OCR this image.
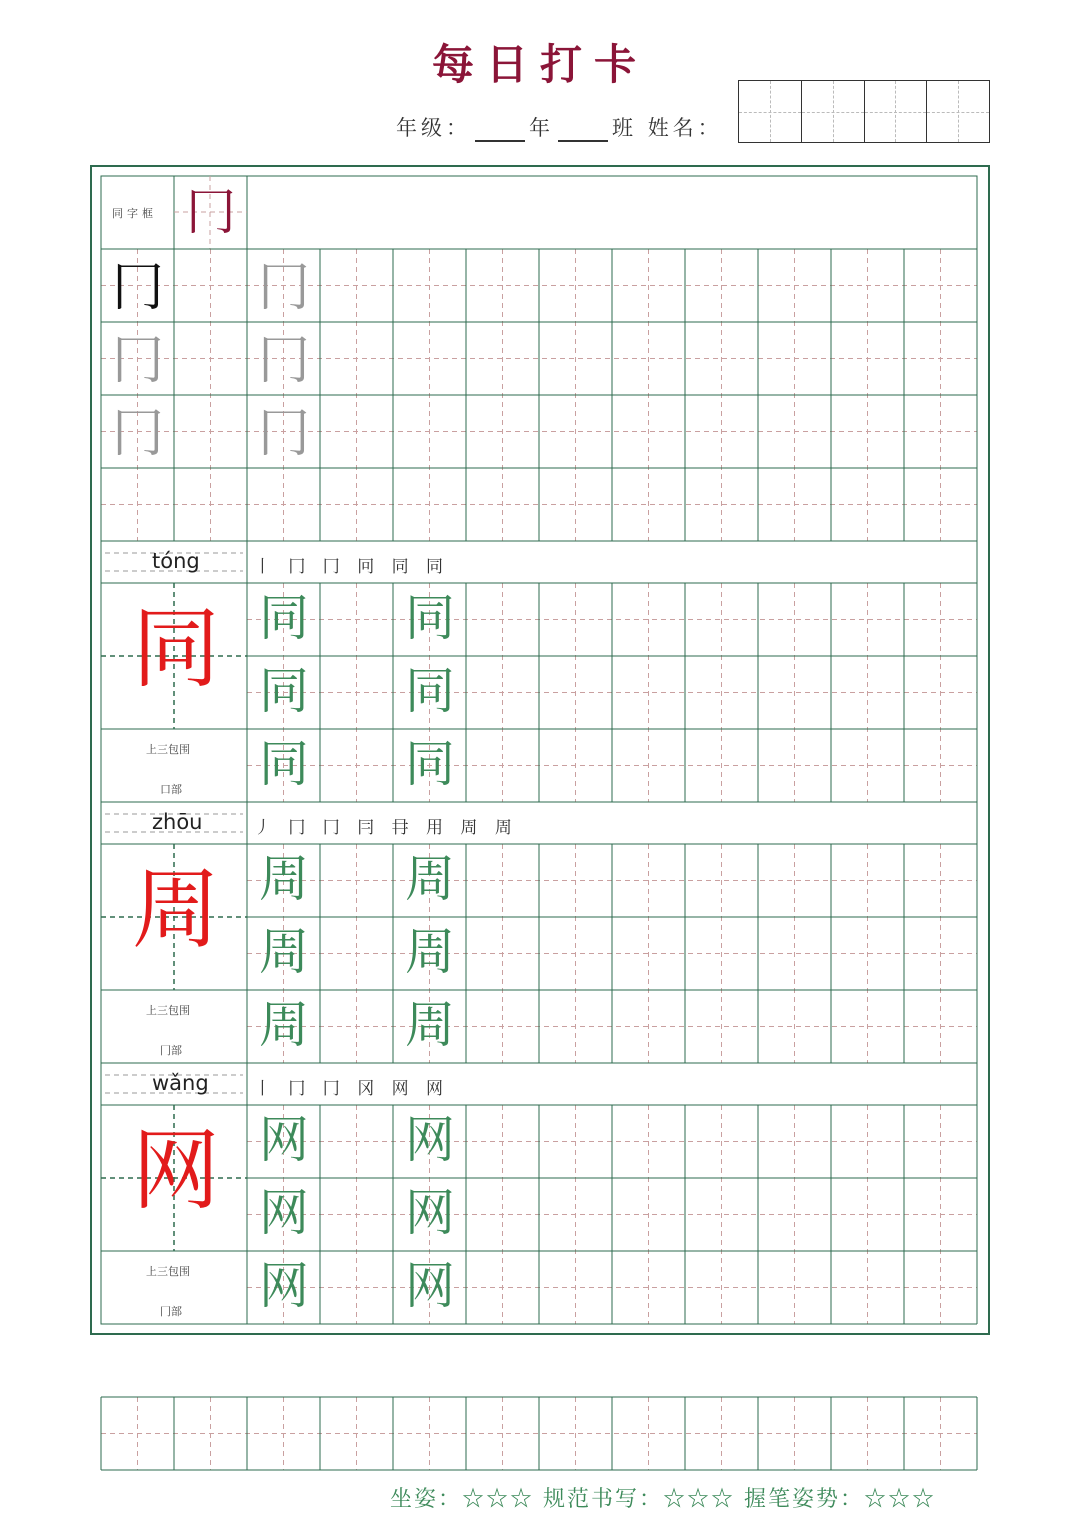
每日打卡
年级：	年	班 姓名：
同字框 冂
冂 冂
冂 冂
冂 冂
tóng	丨 冂 冂 冋 同 同
同
上三包围
口部
同 同
同 同
同 同
zhōu	丿 冂 冂 冃 冄 用 周 周
周
上三包围
冂部
周 周
周 周
周 周
wǎng	丨 冂 冂 冈 网 网
网
上三包围
冂部
网 网
网 网
网 网
坐姿：☆☆☆ 规范书写：☆☆☆ 握笔姿势：☆☆☆
